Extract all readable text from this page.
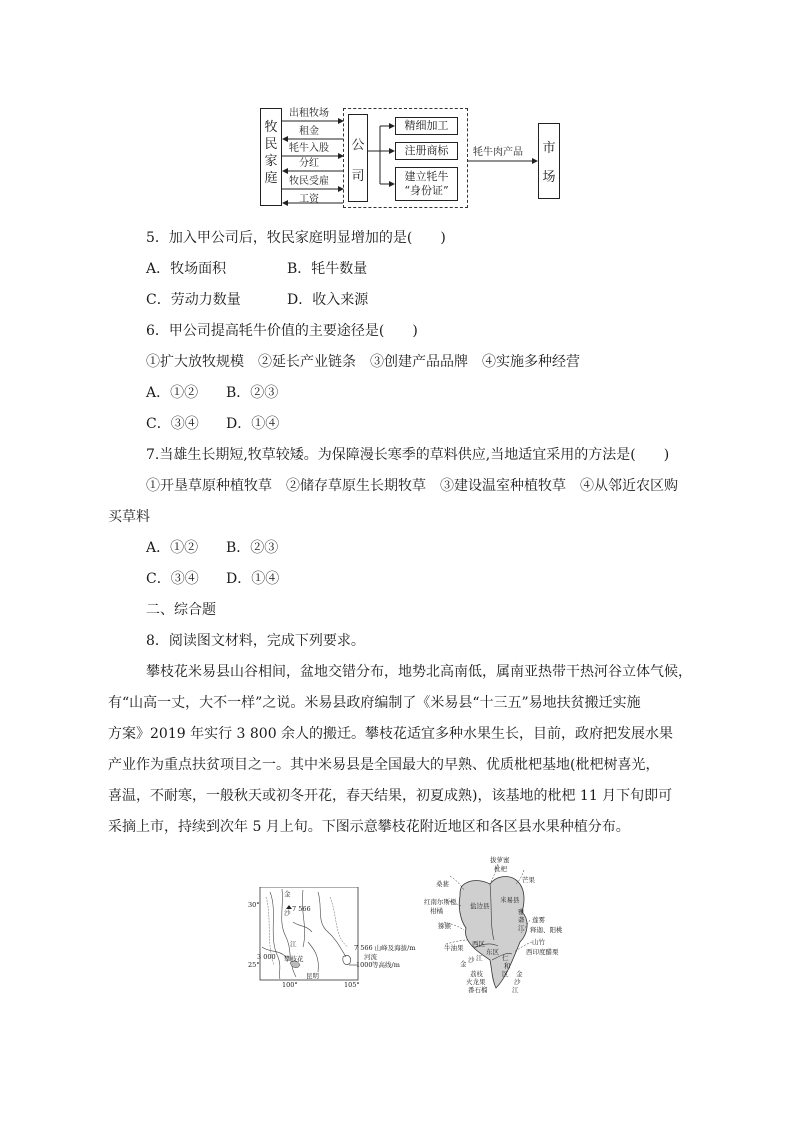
牧
民
家
庭
公
司
精细加工
注册商标
建立牦牛
“身份证”
市
场
出租牧场
租金
牦牛入股
分红
牧民受雇
工资
牦牛肉产品
5．加入甲公司后，牧民家庭明显增加的是(　　)
A．牧场面积	B．牦牛数量
C．劳动力数量	D．收入来源
6．甲公司提高牦牛价值的主要途径是(　　)
①扩大放牧规模　②延长产业链条　③创建产品品牌　④实施多种经营
A．①② B．②③
C．③④ D．①④
7.当雄生长期短,牧草较矮。为保障漫长寒季的草料供应,当地适宜采用的方法是(　　)
①开垦草原种植牧草　②储存草原生长期牧草　③建设温室种植牧草　④从邻近农区购
买草料
A．①② B．②③
C．③④ D．①④
二、综合题
8．阅读图文材料，完成下列要求。
攀枝花米易县山谷相间，盆地交错分布，地势北高南低，属南亚热带干热河谷立体气候，
有“山高一丈，大不一样”之说。米易县政府编制了《米易县“十三五”易地扶贫搬迁实施
方案》2019 年实行 3 800 余人的搬迁。攀枝花适宜多种水果生长，目前，政府把发展水果
产业作为重点扶贫项目之一。其中米易县是全国最大的早熟、优质枇杷基地(枇杷树喜光，
喜温，不耐寒，一般秋天或初冬开花，春天结果，初夏成熟)，该基地的枇杷 11 月下旬即可
采摘上市，持续到次年 5 月上旬。下图示意攀枝花附近地区和各区县水果种植分布。
30°
25°
100°	105°
金
沙
江
7 566
3 000 攀枝花
昆明
7 566 山峰及海拔/m
河流
1000 等高线/m
拔萝蜜
枇杷
芒果
桑葚
红南尔斯橙
柑橘
猕猴
牛油果
盐边县
米易县
西区
东区
仁
和
区
金 沙 江
金
沙
江
雅
砻
江
莲雾
释迦、阳桃
山竹
西印度醋栗
荔枝
火龙果
番石榴
